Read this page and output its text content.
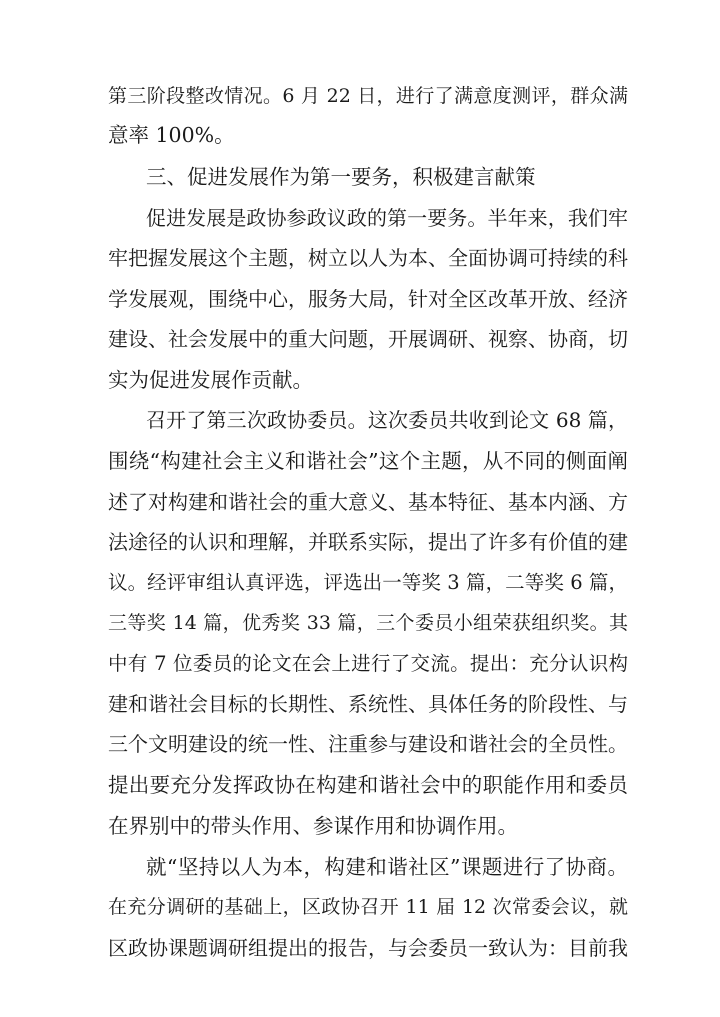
第三阶段整改情况。6 月 22 日，进行了满意度测评，群众满
意率 100%。
三、促进发展作为第一要务，积极建言献策
促进发展是政协参政议政的第一要务。半年来，我们牢
牢把握发展这个主题，树立以人为本、全面协调可持续的科
学发展观，围绕中心，服务大局，针对全区改革开放、经济
建设、社会发展中的重大问题，开展调研、视察、协商，切
实为促进发展作贡献。
召开了第三次政协委员。这次委员共收到论文 68 篇，
围绕“构建社会主义和谐社会”这个主题，从不同的侧面阐
述了对构建和谐社会的重大意义、基本特征、基本内涵、方
法途径的认识和理解，并联系实际，提出了许多有价值的建
议。经评审组认真评选，评选出一等奖 3 篇，二等奖 6 篇，
三等奖 14 篇，优秀奖 33 篇，三个委员小组荣获组织奖。其
中有 7 位委员的论文在会上进行了交流。提出：充分认识构
建和谐社会目标的长期性、系统性、具体任务的阶段性、与
三个文明建设的统一性、注重参与建设和谐社会的全员性。
提出要充分发挥政协在构建和谐社会中的职能作用和委员
在界别中的带头作用、参谋作用和协调作用。
就“坚持以人为本，构建和谐社区”课题进行了协商。
在充分调研的基础上，区政协召开 11 届 12 次常委会议，就
区政协课题调研组提出的报告，与会委员一致认为：目前我
